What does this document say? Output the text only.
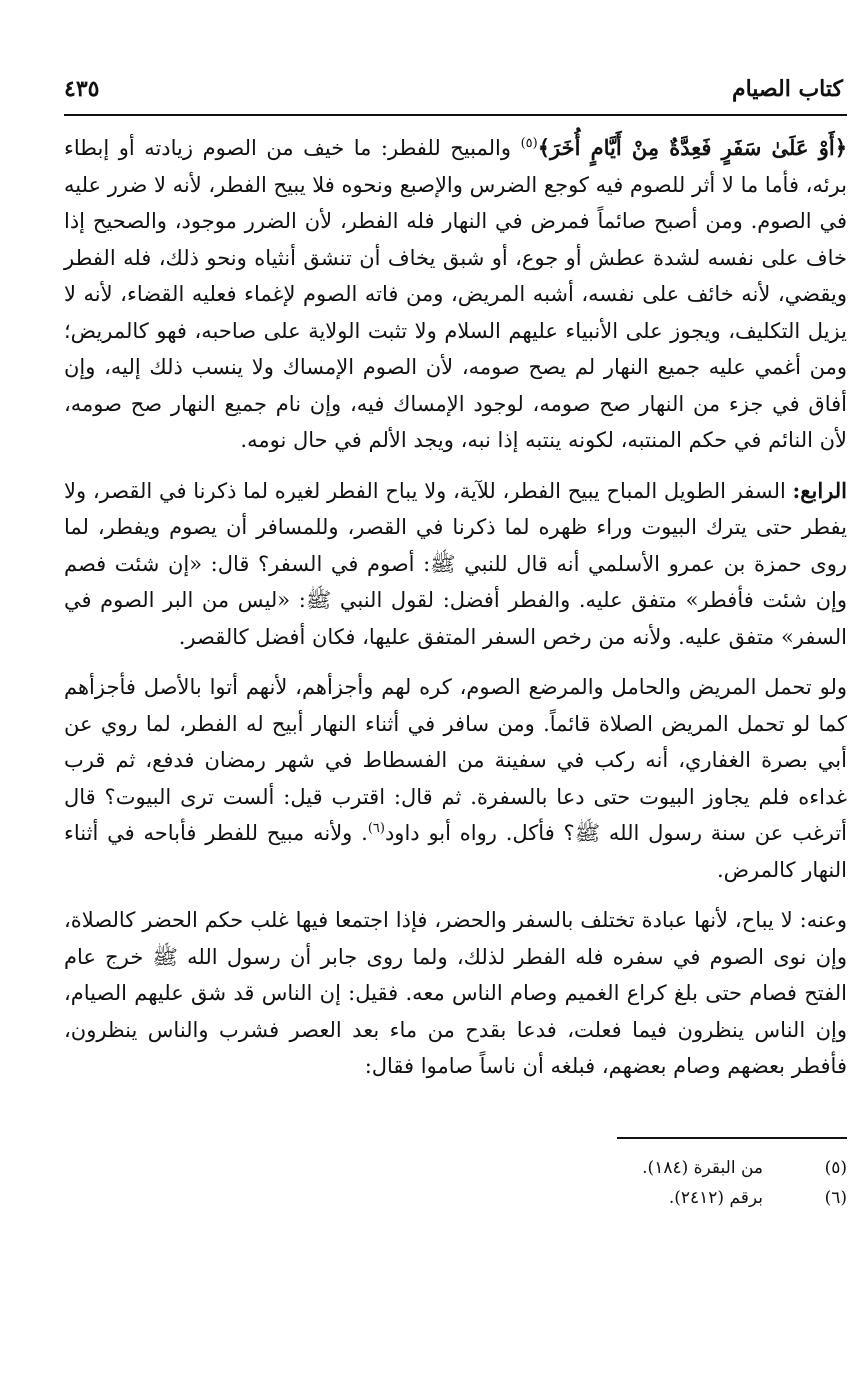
كتاب الصيام
٤٣٥

﴿أَوْ عَلَىٰ سَفَرٍ فَعِدَّةٌ مِنْ أَيَّامٍ أُخَرَ﴾$^{(٥)}$ والمبيح للفطر: ما خيف من الصوم زيادته أو إبطاء برئه، فأما ما لا أثر للصوم فيه كوجع الضرس والإصبع ونحوه فلا يبيح الفطر، لأنه لا ضرر عليه في الصوم. ومن أصبح صائماً فمرض في النهار فله الفطر، لأن الضرر موجود، والصحيح إذا خاف على نفسه لشدة عطش أو جوع، أو شبق يخاف أن تنشق أنثياه ونحو ذلك، فله الفطر ويقضي، لأنه خائف على نفسه، أشبه المريض، ومن فاته الصوم لإغماء فعليه القضاء، لأنه لا يزيل التكليف، ويجوز على الأنبياء عليهم السلام ولا تثبت الولاية على صاحبه، فهو كالمريض؛ ومن أغمي عليه جميع النهار لم يصح صومه، لأن الصوم الإمساك ولا ينسب ذلك إليه، وإن أفاق في جزء من النهار صح صومه، لوجود الإمساك فيه، وإن نام جميع النهار صح صومه، لأن النائم في حكم المنتبه، لكونه ينتبه إذا نبه، ويجد الألم في حال نومه.

الرابع: السفر الطويل المباح يبيح الفطر، للآية، ولا يباح الفطر لغيره لما ذكرنا في القصر، ولا يفطر حتى يترك البيوت وراء ظهره لما ذكرنا في القصر، وللمسافر أن يصوم ويفطر، لما روى حمزة بن عمرو الأسلمي أنه قال للنبي ﷺ: أصوم في السفر؟ قال: «إن شئت فصم وإن شئت فأفطر» متفق عليه. والفطر أفضل: لقول النبي ﷺ: «ليس من البر الصوم في السفر» متفق عليه. ولأنه من رخص السفر المتفق عليها، فكان أفضل كالقصر.

ولو تحمل المريض والحامل والمرضع الصوم، كره لهم وأجزأهم، لأنهم أتوا بالأصل فأجزأهم كما لو تحمل المريض الصلاة قائماً. ومن سافر في أثناء النهار أبيح له الفطر، لما روي عن أبي بصرة الغفاري، أنه ركب في سفينة من الفسطاط في شهر رمضان فدفع، ثم قرب غداءه فلم يجاوز البيوت حتى دعا بالسفرة. ثم قال: اقترب قيل: ألست ترى البيوت؟ قال أترغب عن سنة رسول الله ﷺ؟ فأكل. رواه أبو داود$^{(٦)}$. ولأنه مبيح للفطر فأباحه في أثناء النهار كالمرض.

وعنه: لا يباح، لأنها عبادة تختلف بالسفر والحضر، فإذا اجتمعا فيها غلب حكم الحضر كالصلاة، وإن نوى الصوم في سفره فله الفطر لذلك، ولما روى جابر أن رسول الله ﷺ خرج عام الفتح فصام حتى بلغ كراع الغميم وصام الناس معه. فقيل: إن الناس قد شق عليهم الصيام، وإن الناس ينظرون فيما فعلت، فدعا بقدح من ماء بعد العصر فشرب والناس ينظرون، فأفطر بعضهم وصام بعضهم، فبلغه أن ناساً صاموا فقال:

(٥)
من البقرة (١٨٤).
(٦)
برقم (٢٤١٢).
